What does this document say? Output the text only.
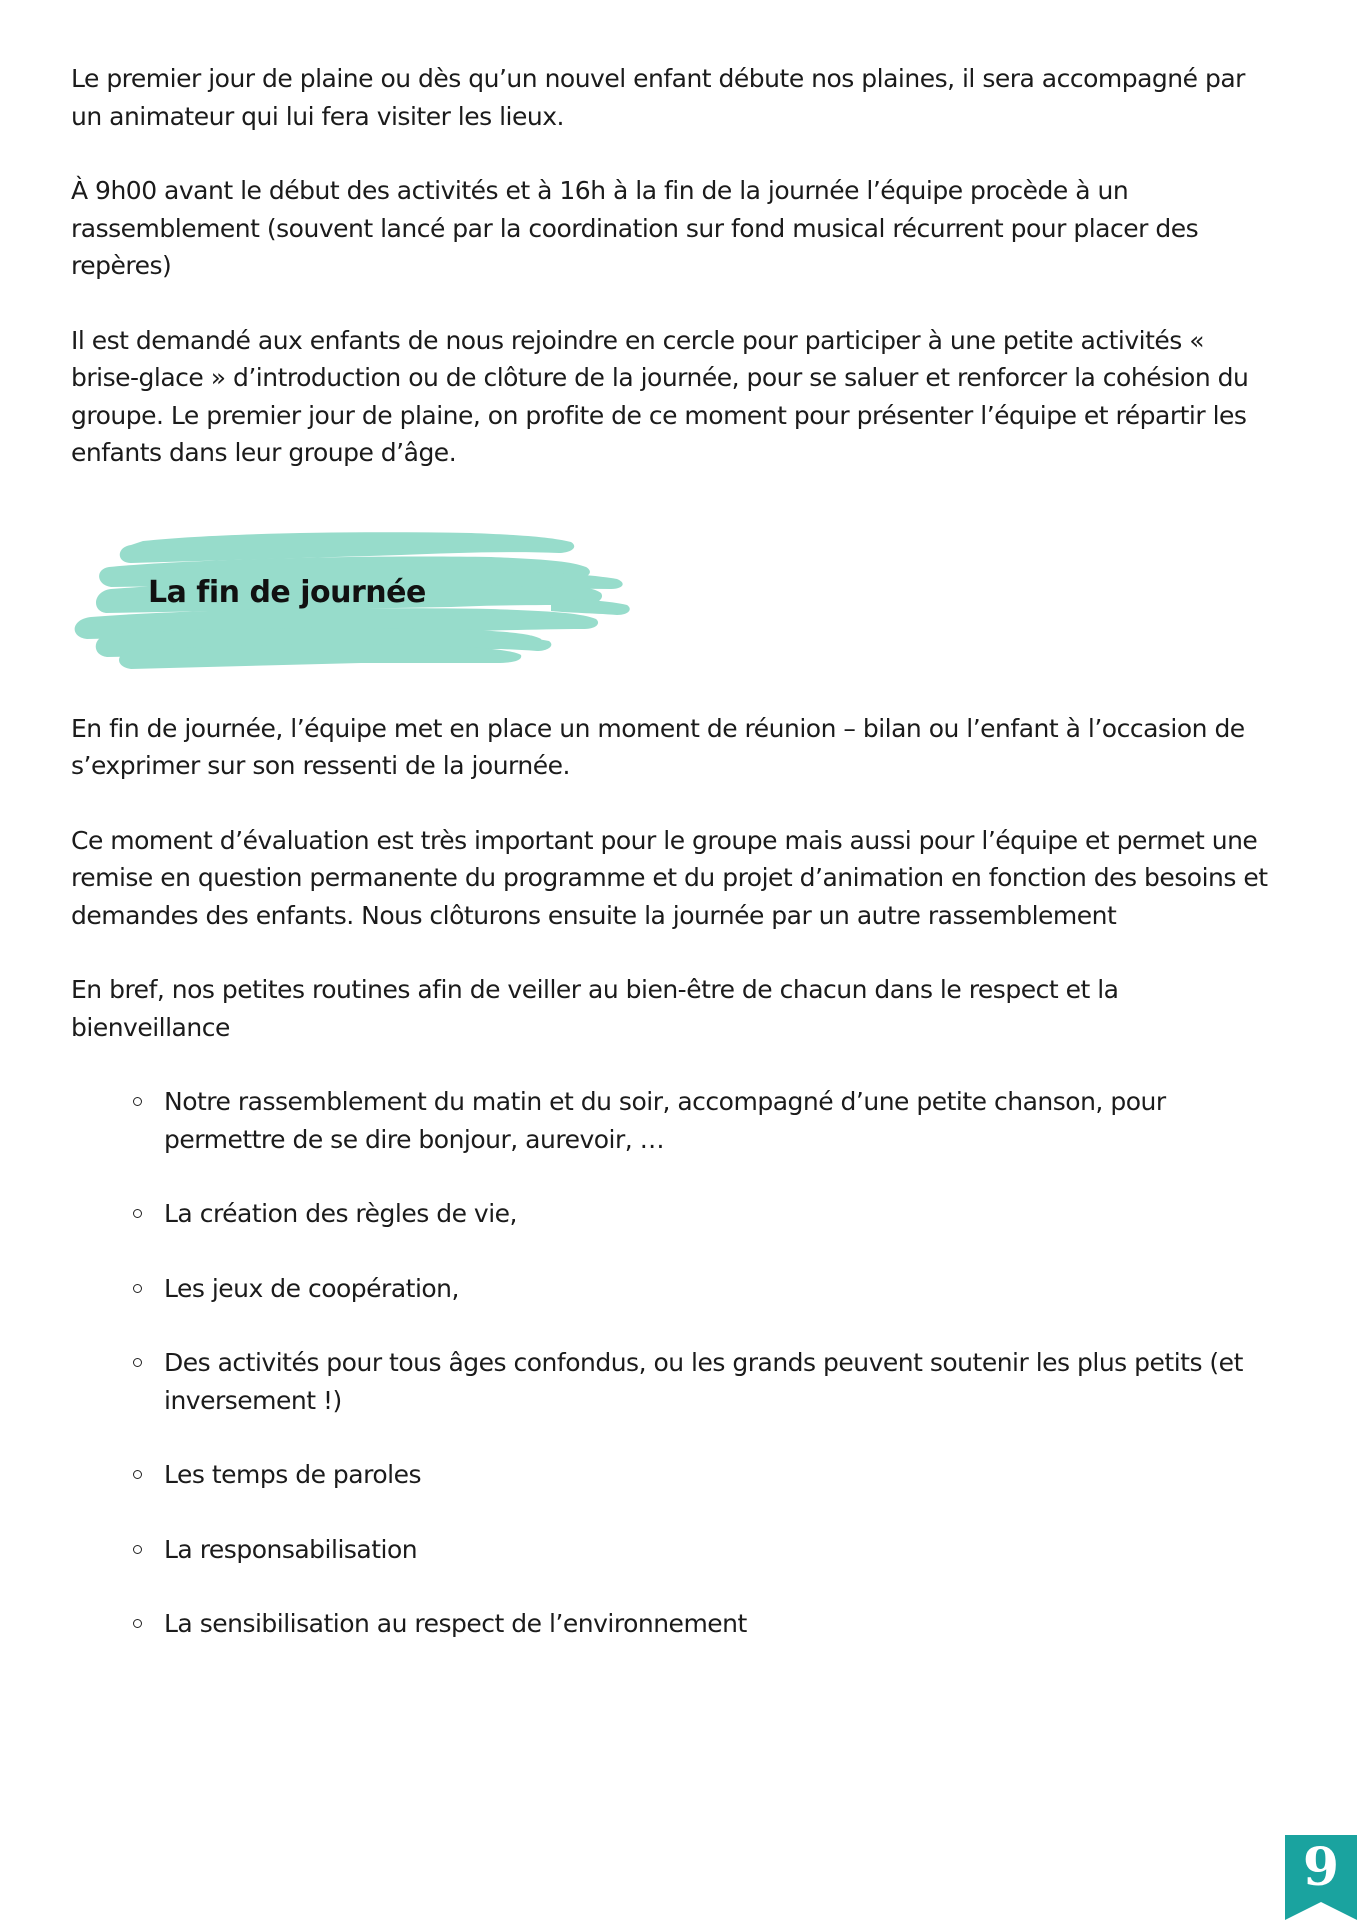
Le premier jour de plaine ou dès qu’un nouvel enfant débute nos plaines, il sera accompagné par un animateur qui lui fera visiter les lieux.

À 9h00 avant le début des activités et à 16h à la fin de la journée l’équipe procède à un rassemblement (souvent lancé par la coordination sur fond musical récurrent pour placer des repères)

Il est demandé aux enfants de nous rejoindre en cercle pour participer à une petite activités « brise-glace » d’introduction ou de clôture de la journée, pour se saluer et renforcer la cohésion du groupe. Le premier jour de plaine, on profite de ce moment pour présenter l’équipe et répartir les enfants dans leur groupe d’âge.

La fin de journée

En fin de journée, l’équipe met en place un moment de réunion – bilan ou l’enfant à l’occasion de s’exprimer sur son ressenti de la journée.

Ce moment d’évaluation est très important pour le groupe mais aussi pour l’équipe et permet une remise en question permanente du programme et du projet d’animation en fonction des besoins et demandes des enfants. Nous clôturons ensuite la journée par un autre rassemblement

En bref, nos petites routines afin de veiller au bien-être de chacun dans le respect et la bienveillance

Notre rassemblement du matin et du soir, accompagné d’une petite chanson, pour permettre de se dire bonjour, aurevoir, …
La création des règles de vie,
Les jeux de coopération,
Des activités pour tous âges confondus, ou les grands peuvent soutenir les plus petits (et inversement !)
Les temps de paroles
La responsabilisation
La sensibilisation au respect de l’environnement
9
